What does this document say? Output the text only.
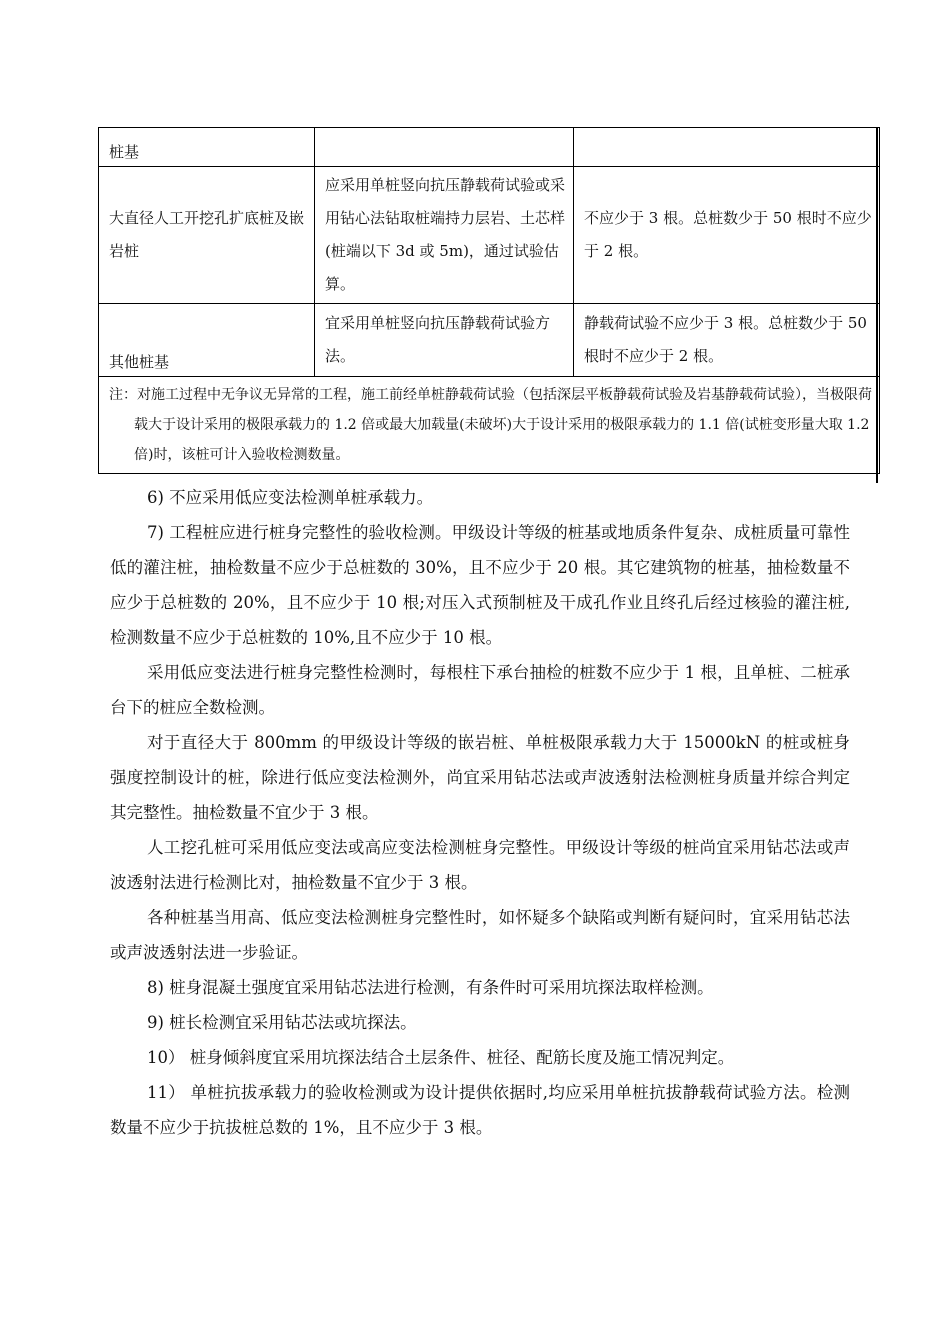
桩基		

大直径人工开挖孔扩底桩及嵌岩桩	应采用单桩竖向抗压静载荷试验或采用钻心法钻取桩端持力层岩、土芯样(桩端以下 3d 或 5m)，通过试验估算。	不应少于 3 根。总桩数少于 50 根时不应少于 2 根。

其他桩基	宜采用单桩竖向抗压静载荷试验方法。	静载荷试验不应少于 3 根。总桩数少于 50 根时不应少于 2 根。

注：对施工过程中无争议无异常的工程，施工前经单桩静载荷试验（包括深层平板静载荷试验及岩基静载荷试验），当极限荷载大于设计采用的极限承载力的 1.2 倍或最大加载量(未破坏)大于设计采用的极限承载力的 1.1 倍(试桩变形量大取 1.2 倍)时，该桩可计入验收检测数量。		

6) 不应采用低应变法检测单桩承载力。

7) 工程桩应进行桩身完整性的验收检测。甲级设计等级的桩基或地质条件复杂、成桩质量可靠性低的灌注桩，抽检数量不应少于总桩数的 30%，且不应少于 20 根。其它建筑物的桩基，抽检数量不应少于总桩数的 20%，且不应少于 10 根;对压入式预制桩及干成孔作业且终孔后经过核验的灌注桩,检测数量不应少于总桩数的 10%,且不应少于 10 根。

采用低应变法进行桩身完整性检测时，每根柱下承台抽检的桩数不应少于 1 根，且单桩、二桩承台下的桩应全数检测。

对于直径大于 800mm 的甲级设计等级的嵌岩桩、单桩极限承载力大于 15000kN 的桩或桩身强度控制设计的桩，除进行低应变法检测外，尚宜采用钻芯法或声波透射法检测桩身质量并综合判定其完整性。抽检数量不宜少于 3 根。

人工挖孔桩可采用低应变法或高应变法检测桩身完整性。甲级设计等级的桩尚宜采用钻芯法或声波透射法进行检测比对，抽检数量不宜少于 3 根。

各种桩基当用高、低应变法检测桩身完整性时，如怀疑多个缺陷或判断有疑问时，宜采用钻芯法或声波透射法进一步验证。

8) 桩身混凝土强度宜采用钻芯法进行检测，有条件时可采用坑探法取样检测。

9) 桩长检测宜采用钻芯法或坑探法。

10） 桩身倾斜度宜采用坑探法结合土层条件、桩径、配筋长度及施工情况判定。

11） 单桩抗拔承载力的验收检测或为设计提供依据时,均应采用单桩抗拔静载荷试验方法。检测数量不应少于抗拔桩总数的 1%，且不应少于 3 根。
